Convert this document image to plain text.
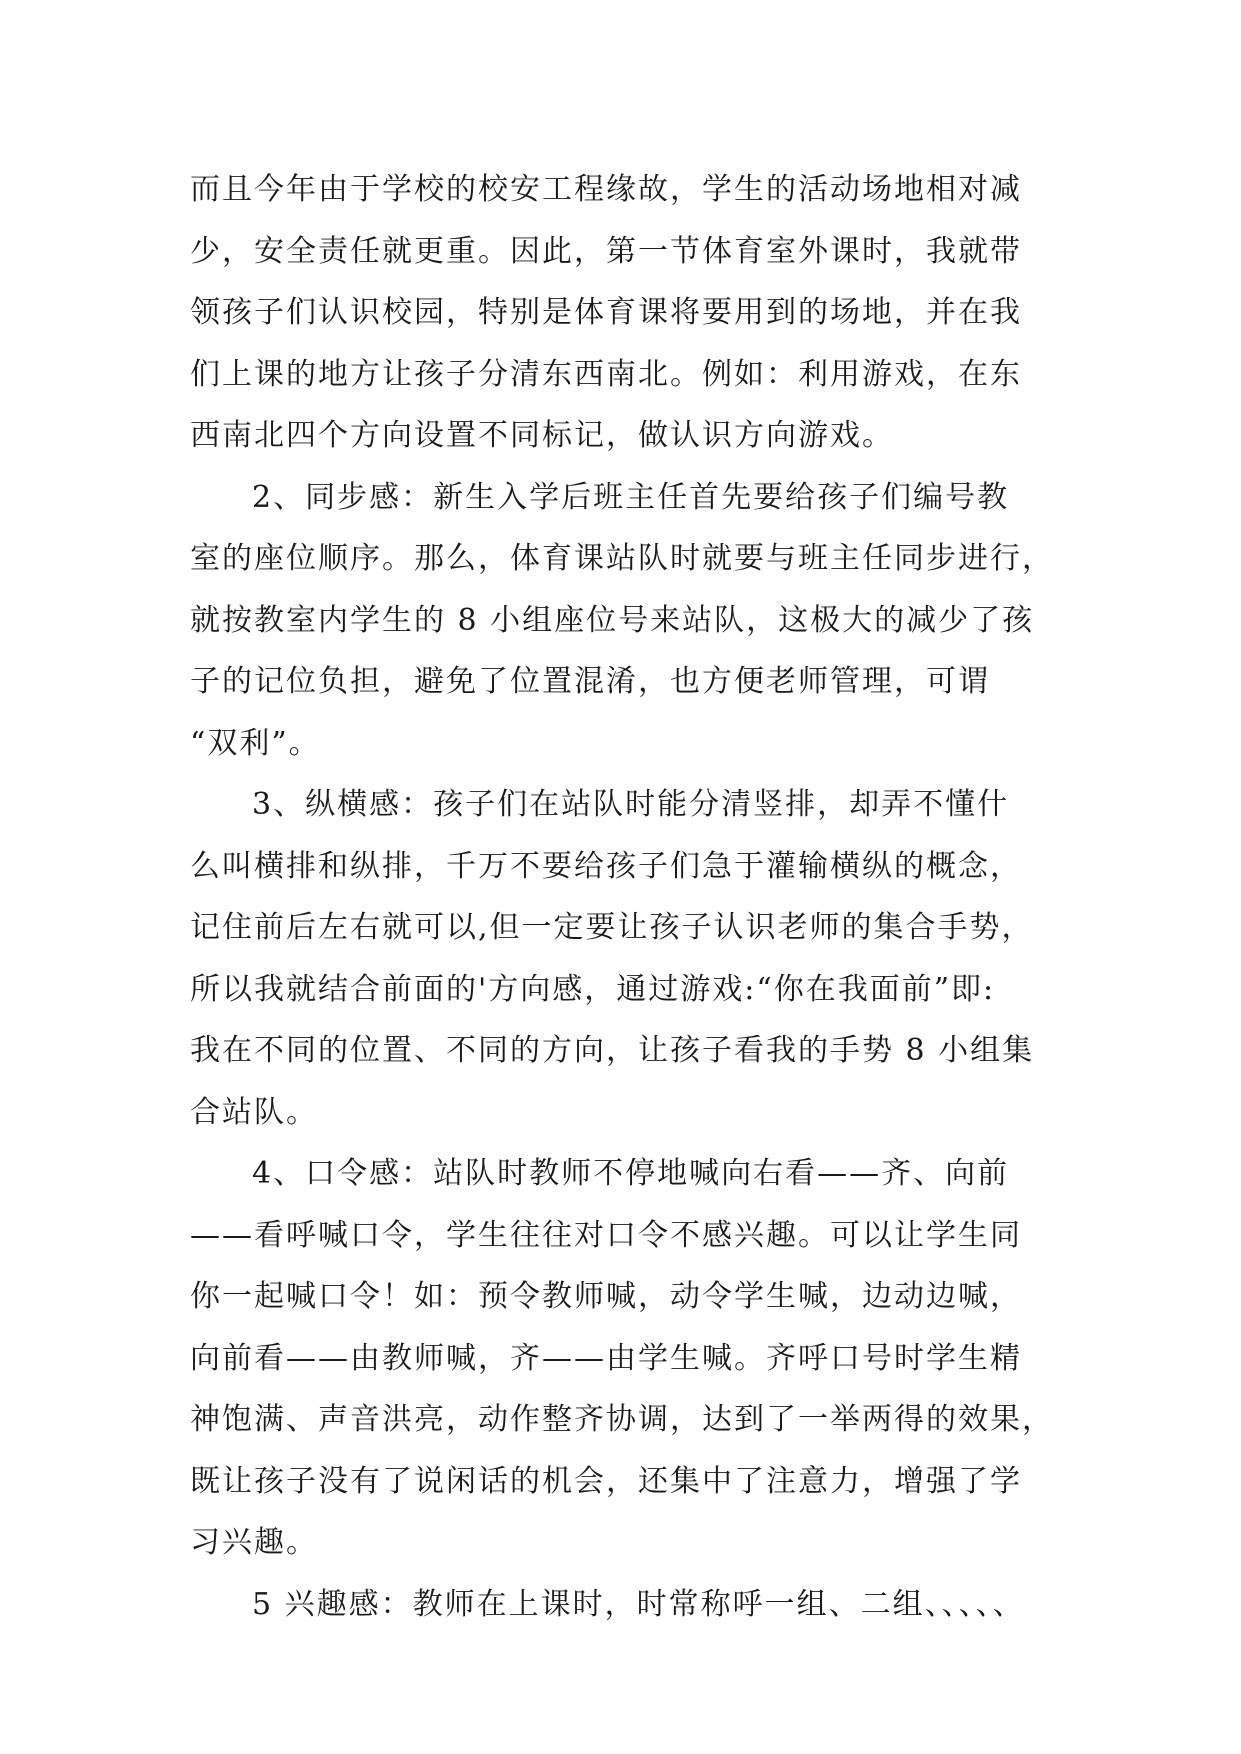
而且今年由于学校的校安工程缘故，学生的活动场地相对减
少，安全责任就更重。因此，第一节体育室外课时，我就带
领孩子们认识校园，特别是体育课将要用到的场地，并在我
们上课的地方让孩子分清东西南北。例如：利用游戏，在东
西南北四个方向设置不同标记，做认识方向游戏。
2、同步感：新生入学后班主任首先要给孩子们编号教
室的座位顺序。那么，体育课站队时就要与班主任同步进行，
就按教室内学生的 8 小组座位号来站队，这极大的减少了孩
子的记位负担，避免了位置混淆，也方便老师管理，可谓
“双利”。
3、纵横感：孩子们在站队时能分清竖排，却弄不懂什
么叫横排和纵排，千万不要给孩子们急于灌输横纵的概念，
记住前后左右就可以,但一定要让孩子认识老师的集合手势，
所以我就结合前面的'方向感，通过游戏:“你在我面前”即:
我在不同的位置、不同的方向，让孩子看我的手势 8 小组集
合站队。
4、口令感：站队时教师不停地喊向右看——齐、向前
——看呼喊口令，学生往往对口令不感兴趣。可以让学生同
你一起喊口令！如：预令教师喊，动令学生喊，边动边喊，
向前看——由教师喊，齐——由学生喊。齐呼口号时学生精
神饱满、声音洪亮，动作整齐协调，达到了一举两得的效果，
既让孩子没有了说闲话的机会，还集中了注意力，增强了学
习兴趣。
5 兴趣感：教师在上课时，时常称呼一组、二组、、、、、
